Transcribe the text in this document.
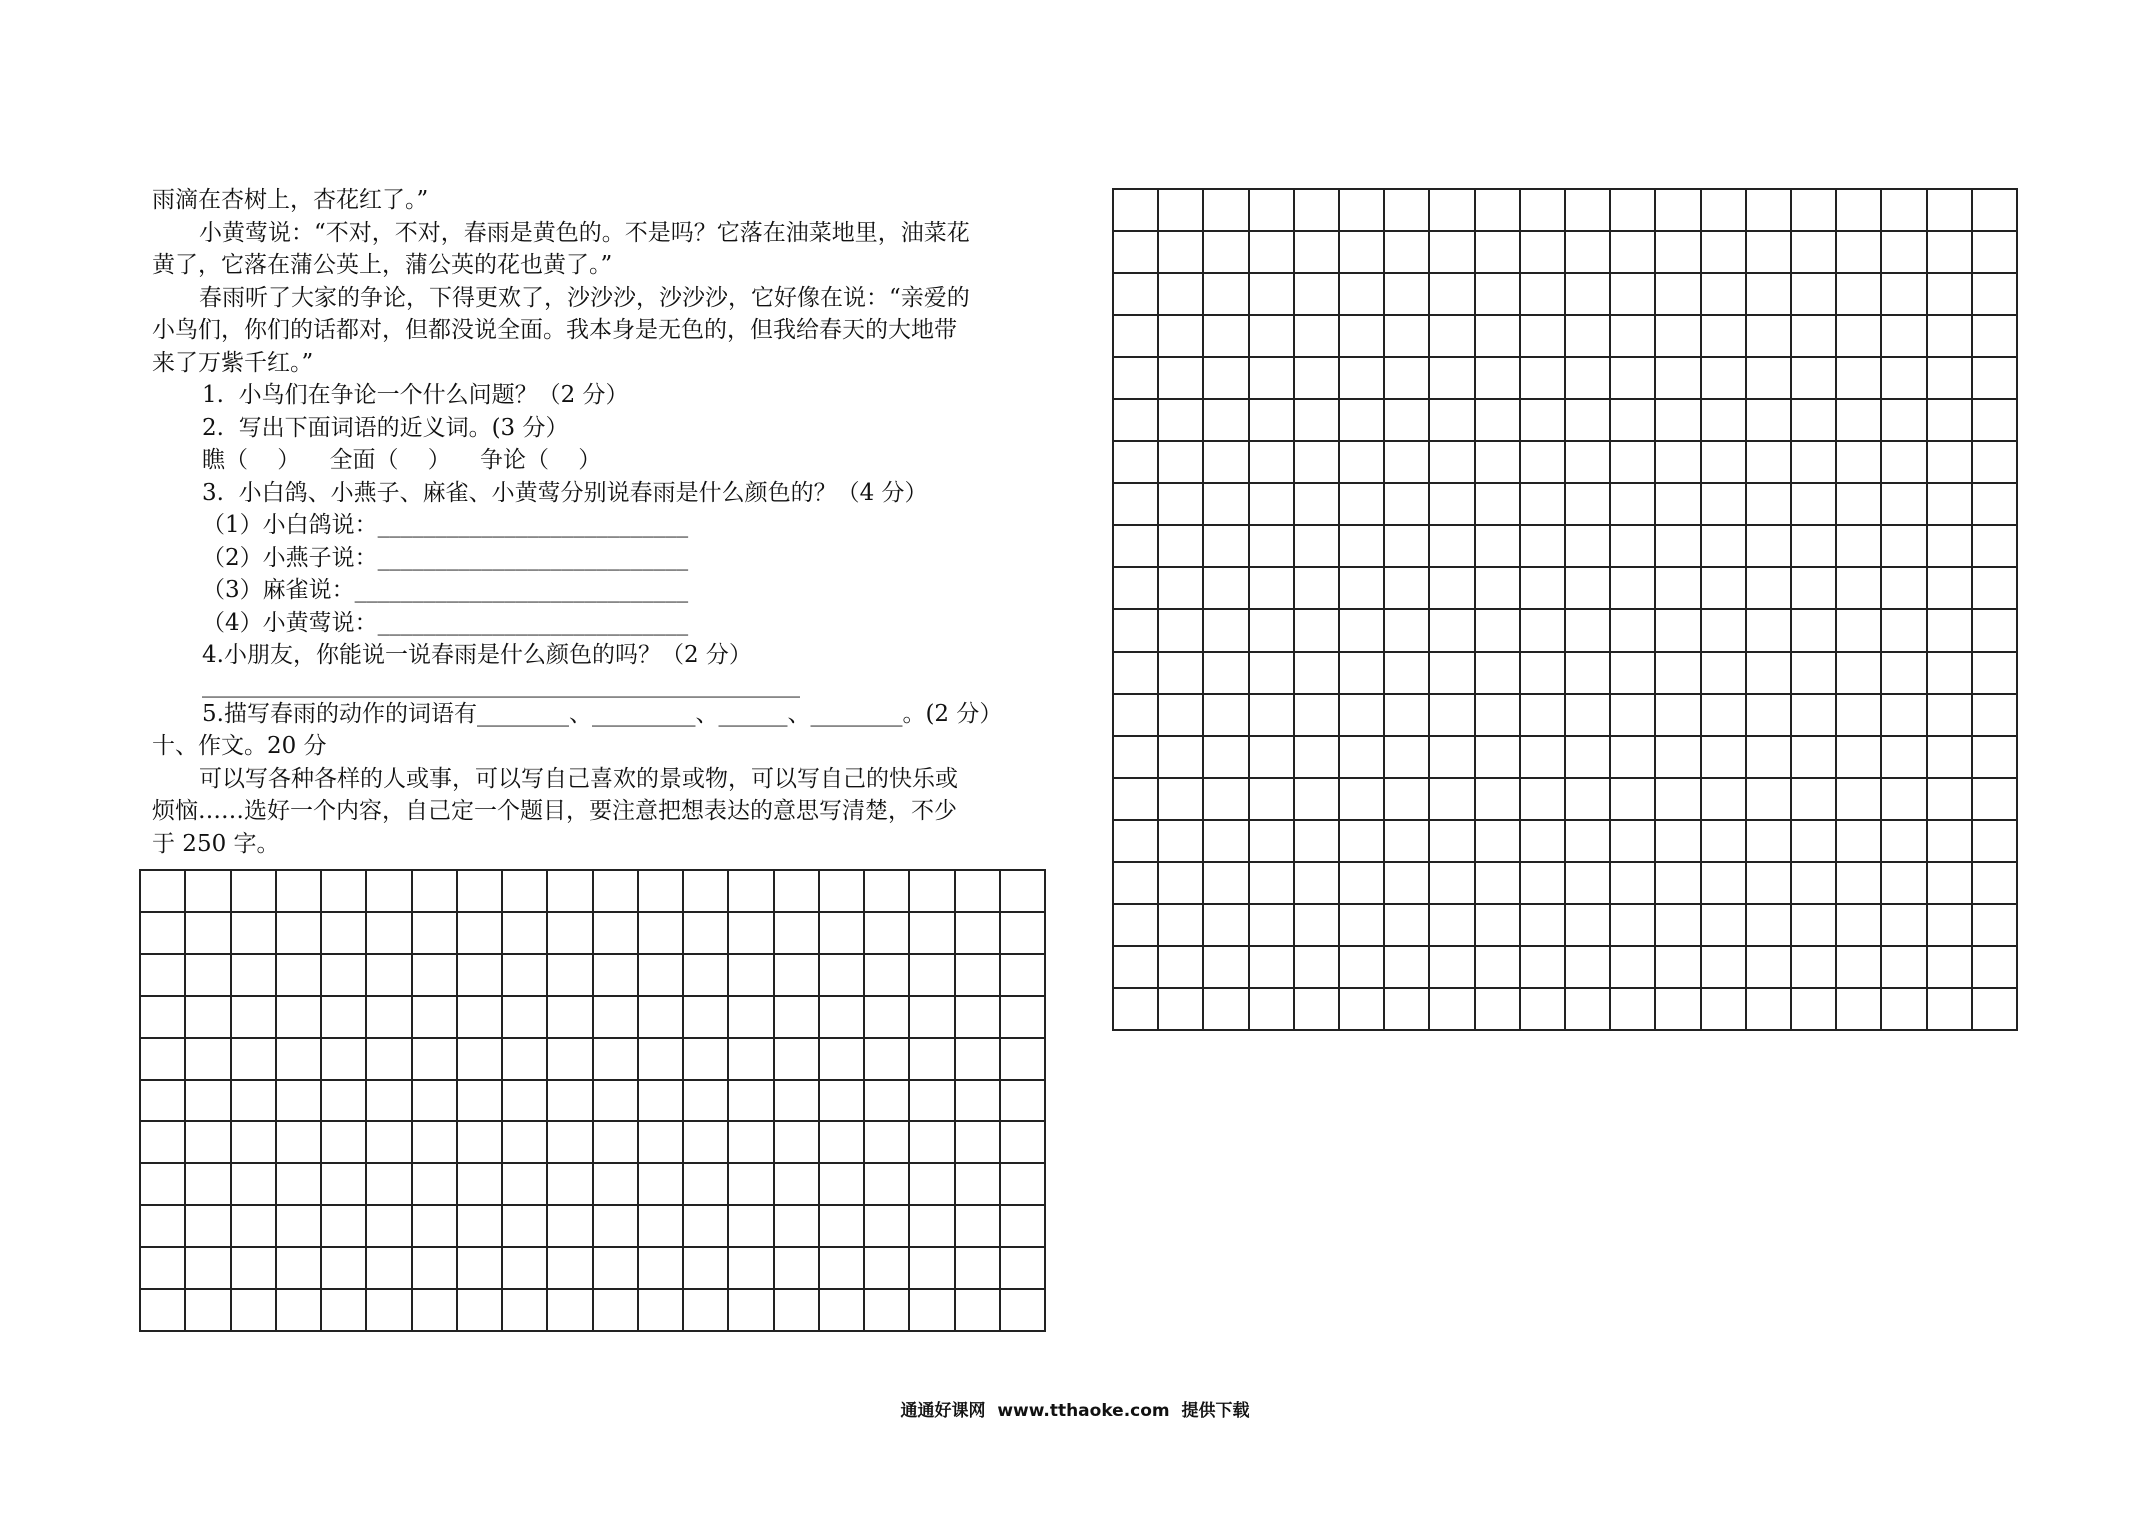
雨滴在杏树上，杏花红了。”

小黄莺说：“不对，不对，春雨是黄色的。不是吗？它落在油菜地里，油菜花

黄了，它落在蒲公英上，蒲公英的花也黄了。”

春雨听了大家的争论，下得更欢了，沙沙沙，沙沙沙，它好像在说：“亲爱的

小鸟们，你们的话都对，但都没说全面。我本身是无色的，但我给春天的大地带

来了万紫千红。”

1.  小鸟们在争论一个什么问题？（2 分）

2.  写出下面词语的近义词。(3 分）

瞧（    ）    全面（    ）    争论（    ）

3.  小白鸽、小燕子、麻雀、小黄莺分别说春雨是什么颜色的？（4 分）

（1）小白鸽说：___________________________

（2）小燕子说：___________________________

（3）麻雀说：_____________________________

（4）小黄莺说：___________________________

4.小朋友，你能说一说春雨是什么颜色的吗？（2 分）

____________________________________________________

5.描写春雨的动作的词语有________、_________、______、________。(2 分）

十、作文。20 分

可以写各种各样的人或事，可以写自己喜欢的景或物，可以写自己的快乐或

烦恼……选好一个内容，自己定一个题目，要注意把想表达的意思写清楚，不少

于 250 字。

通通好课网  www.tthaoke.com  提供下载
